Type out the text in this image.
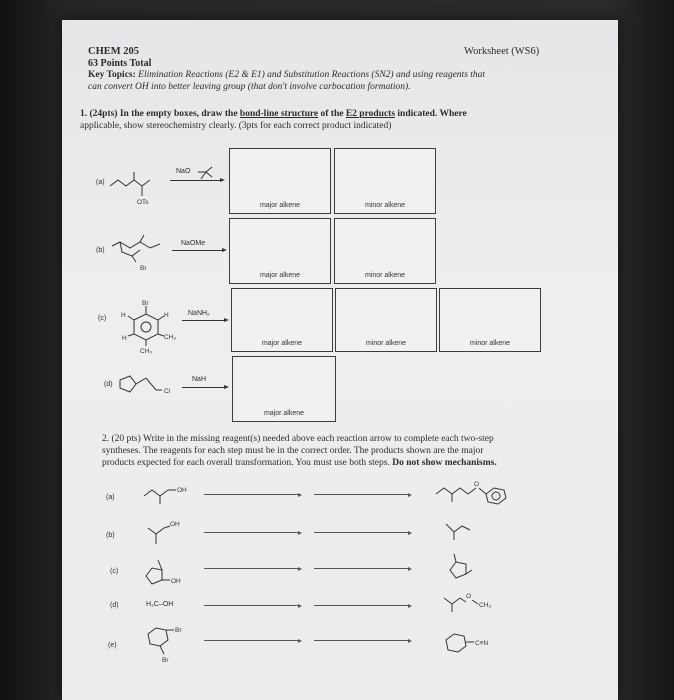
CHEM 205	Worksheet (WS6)
63 Points Total
Key Topics: Elimination Reactions (E2 & E1) and Substitution Reactions (SN2) and using reagents that
can convert OH into better leaving group (that don't involve carbocation formation).
1. (24pts) In the empty boxes, draw the bond-line structure of the E2 products indicated. Where
applicable, show stereochemistry clearly. (3pts for each correct product indicated)
(a)
OTs
NaO
major alkene	minor alkene
(b)
Br
NaOMe
major alkene	minor alkene
(c)
Br
H	H
H	CH₃
CH₃
NaNH₂
major alkene	minor alkene	minor alkene
(d)
Cl
NaH
major alkene
2. (20 pts) Write in the missing reagent(s) needed above each reaction arrow to complete each two-step
syntheses. The reagents for each step must be in the correct order. The products shown are the major
products expected for each overall transformation. You must use both steps. Do not show mechanisms.
(a)
OH
O
(b)
OH
(c)
OH
(d)	H₃C–OH
O
CH₃
(e)
Br
Br
C≡N
